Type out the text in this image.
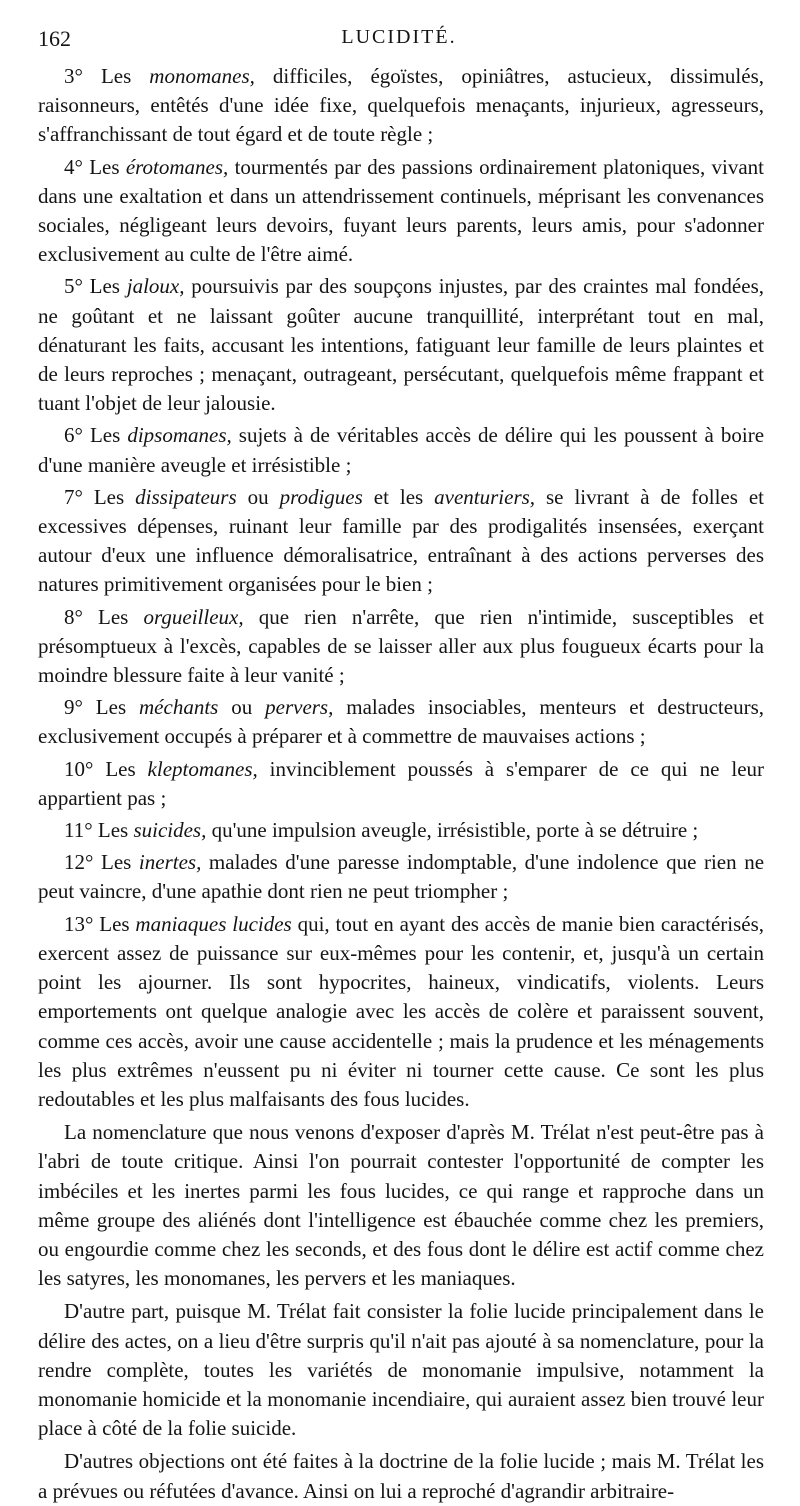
162	LUCIDITÉ.

3° Les monomanes, difficiles, égoïstes, opiniâtres, astucieux, dissimulés, raisonneurs, entêtés d'une idée fixe, quelquefois menaçants, injurieux, agresseurs, s'affranchissant de tout égard et de toute règle ;

4° Les érotomanes, tourmentés par des passions ordinairement platoniques, vivant dans une exaltation et dans un attendrissement continuels, méprisant les convenances sociales, négligeant leurs devoirs, fuyant leurs parents, leurs amis, pour s'adonner exclusivement au culte de l'être aimé.

5° Les jaloux, poursuivis par des soupçons injustes, par des craintes mal fondées, ne goûtant et ne laissant goûter aucune tranquillité, interprétant tout en mal, dénaturant les faits, accusant les intentions, fatiguant leur famille de leurs plaintes et de leurs reproches ; menaçant, outrageant, persécutant, quelquefois même frappant et tuant l'objet de leur jalousie.

6° Les dipsomanes, sujets à de véritables accès de délire qui les poussent à boire d'une manière aveugle et irrésistible ;

7° Les dissipateurs ou prodigues et les aventuriers, se livrant à de folles et excessives dépenses, ruinant leur famille par des prodigalités insensées, exerçant autour d'eux une influence démoralisatrice, entraînant à des actions perverses des natures primitivement organisées pour le bien ;

8° Les orgueilleux, que rien n'arrête, que rien n'intimide, susceptibles et présomptueux à l'excès, capables de se laisser aller aux plus fougueux écarts pour la moindre blessure faite à leur vanité ;

9° Les méchants ou pervers, malades insociables, menteurs et destructeurs, exclusivement occupés à préparer et à commettre de mauvaises actions ;

10° Les kleptomanes, invinciblement poussés à s'emparer de ce qui ne leur appartient pas ;

11° Les suicides, qu'une impulsion aveugle, irrésistible, porte à se détruire ;

12° Les inertes, malades d'une paresse indomptable, d'une indolence que rien ne peut vaincre, d'une apathie dont rien ne peut triompher ;

13° Les maniaques lucides qui, tout en ayant des accès de manie bien caractérisés, exercent assez de puissance sur eux-mêmes pour les contenir, et, jusqu'à un certain point les ajourner. Ils sont hypocrites, haineux, vindicatifs, violents. Leurs emportements ont quelque analogie avec les accès de colère et paraissent souvent, comme ces accès, avoir une cause accidentelle ; mais la prudence et les ménagements les plus extrêmes n'eussent pu ni éviter ni tourner cette cause. Ce sont les plus redoutables et les plus malfaisants des fous lucides.

La nomenclature que nous venons d'exposer d'après M. Trélat n'est peut-être pas à l'abri de toute critique. Ainsi l'on pourrait contester l'opportunité de compter les imbéciles et les inertes parmi les fous lucides, ce qui range et rapproche dans un même groupe des aliénés dont l'intelligence est ébauchée comme chez les premiers, ou engourdie comme chez les seconds, et des fous dont le délire est actif comme chez les satyres, les monomanes, les pervers et les maniaques.

D'autre part, puisque M. Trélat fait consister la folie lucide principalement dans le délire des actes, on a lieu d'être surpris qu'il n'ait pas ajouté à sa nomenclature, pour la rendre complète, toutes les variétés de monomanie impulsive, notamment la monomanie homicide et la monomanie incendiaire, qui auraient assez bien trouvé leur place à côté de la folie suicide.

D'autres objections ont été faites à la doctrine de la folie lucide ; mais M. Trélat les a prévues ou réfutées d'avance. Ainsi on lui a reproché d'agrandir arbitraire-
